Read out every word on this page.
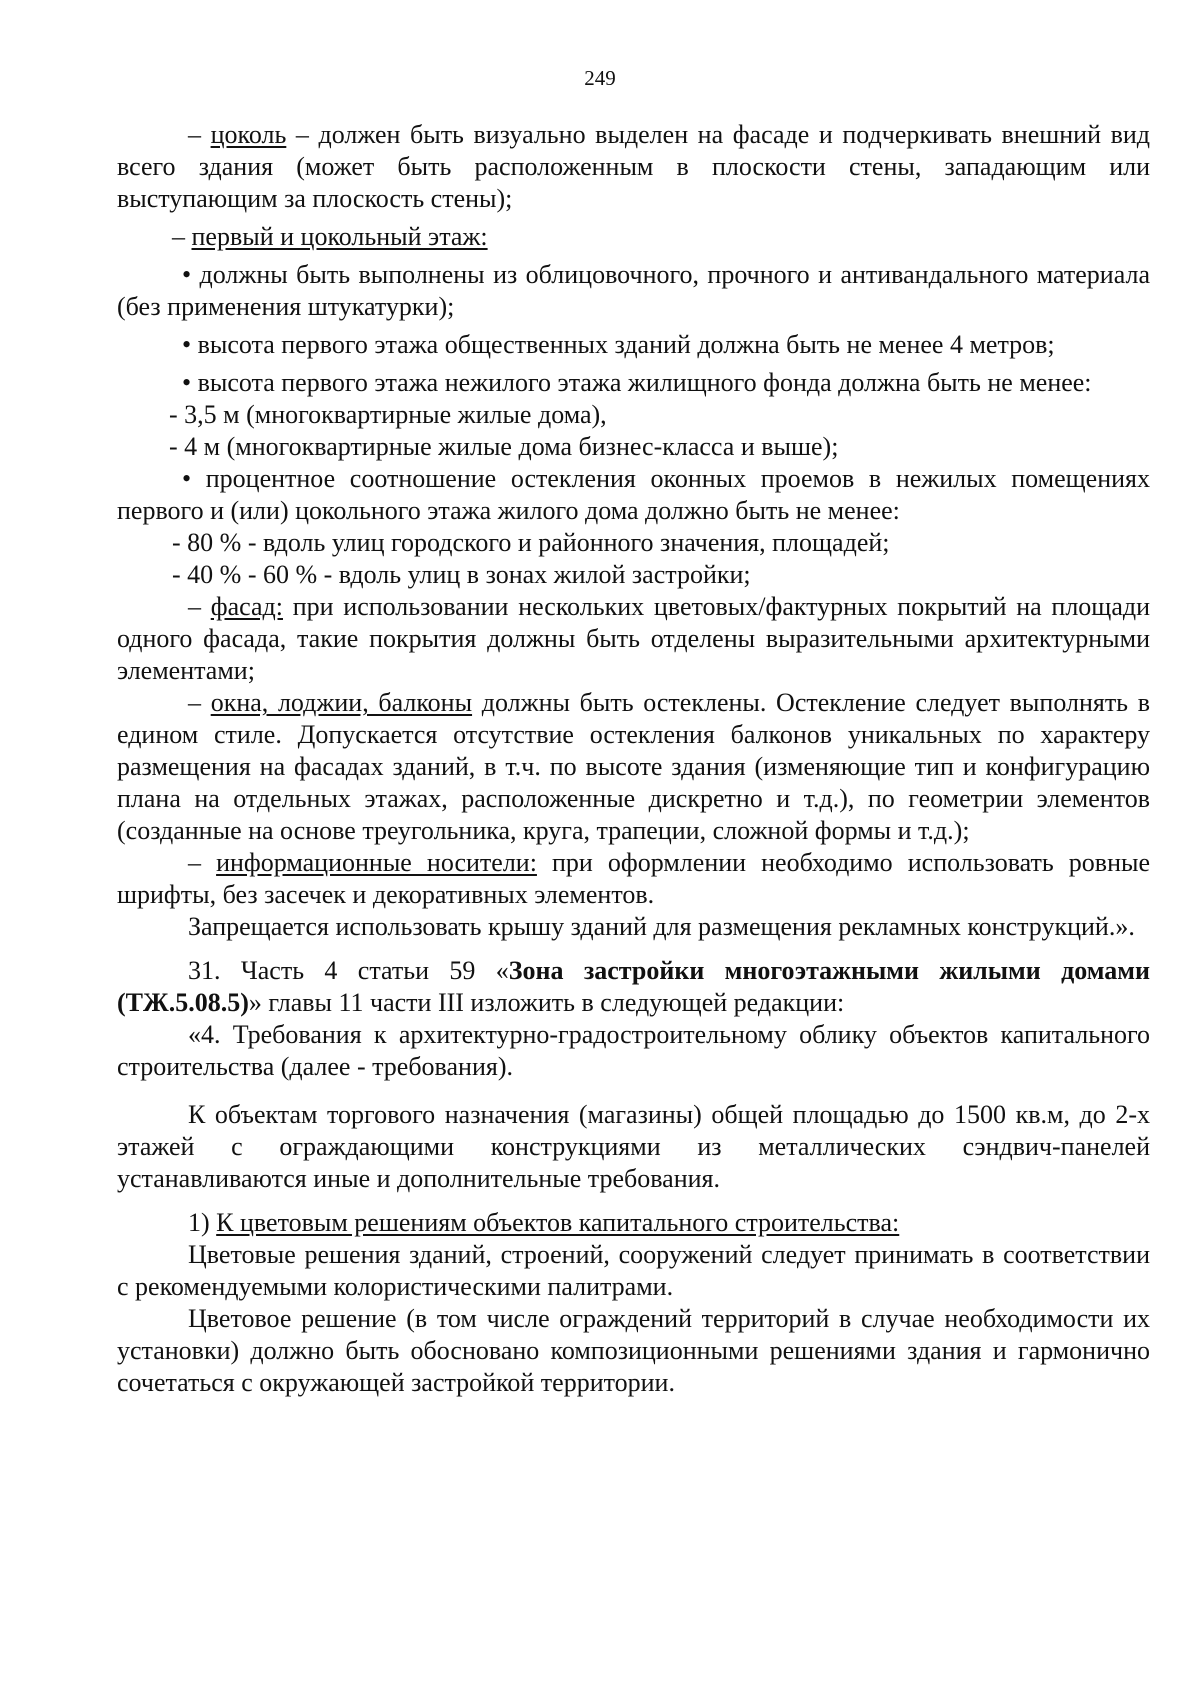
249

– цоколь – должен быть визуально выделен на фасаде и подчеркивать внешний вид всего здания (может быть расположенным в плоскости стены, западающим или выступающим за плоскость стены);

– первый и цокольный этаж:

• должны быть выполнены из облицовочного, прочного и антивандального материала (без применения штукатурки);

• высота первого этажа общественных зданий должна быть не менее 4 метров;

• высота первого этажа нежилого этажа жилищного фонда должна быть не менее:

- 3,5 м (многоквартирные жилые дома),

- 4 м (многоквартирные жилые дома бизнес-класса и выше);

• процентное соотношение остекления оконных проемов в нежилых помещениях первого и (или) цокольного этажа жилого дома должно быть не менее:

- 80 % - вдоль улиц городского и районного значения, площадей;

- 40 % - 60 % - вдоль улиц в зонах жилой застройки;

– фасад: при использовании нескольких цветовых/фактурных покрытий на площади одного фасада, такие покрытия должны быть отделены выразительными архитектурными элементами;

– окна, лоджии, балконы должны быть остеклены. Остекление следует выполнять в едином стиле. Допускается отсутствие остекления балконов уникальных по характеру размещения на фасадах зданий, в т.ч. по высоте здания (изменяющие тип и конфигурацию плана на отдельных этажах, расположенные дискретно и т.д.), по геометрии элементов (созданные на основе треугольника, круга, трапеции, сложной формы и т.д.);

– информационные носители: при оформлении необходимо использовать ровные шрифты, без засечек и декоративных элементов.

Запрещается использовать крышу зданий для размещения рекламных конструкций.».

31. Часть 4 статьи 59 «Зона застройки многоэтажными жилыми домами (ТЖ.5.08.5)» главы 11 части III изложить в следующей редакции:

«4. Требования к архитектурно-градостроительному облику объектов капитального строительства (далее - требования).

К объектам торгового назначения (магазины) общей площадью до 1500 кв.м, до 2-х этажей с ограждающими конструкциями из металлических сэндвич-панелей устанавливаются иные и дополнительные требования.

1) К цветовым решениям объектов капитального строительства:

Цветовые решения зданий, строений, сооружений следует принимать в соответствии с рекомендуемыми колористическими палитрами.

Цветовое решение (в том числе ограждений территорий в случае необходимости их установки) должно быть обосновано композиционными решениями здания и гармонично сочетаться с окружающей застройкой территории.
